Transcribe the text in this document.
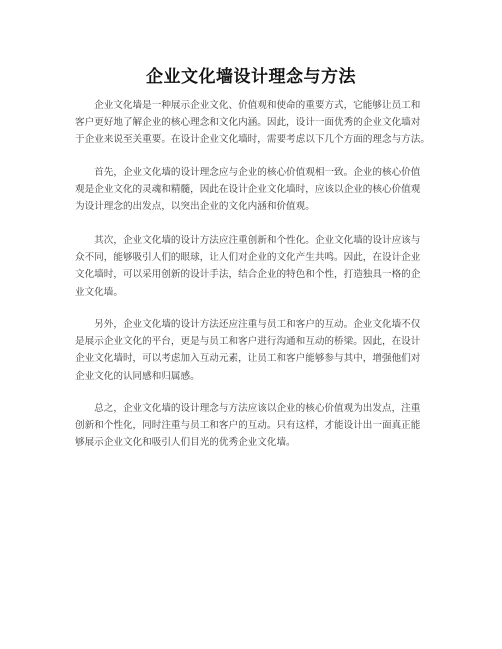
企业文化墙设计理念与方法
　　企业文化墙是一种展示企业文化、价值观和使命的重要方式，它能够让员工和
客户更好地了解企业的核心理念和文化内涵。因此，设计一面优秀的企业文化墙对
于企业来说至关重要。在设计企业文化墙时，需要考虑以下几个方面的理念与方法。
　　首先，企业文化墙的设计理念应与企业的核心价值观相一致。企业的核心价值
观是企业文化的灵魂和精髓，因此在设计企业文化墙时，应该以企业的核心价值观
为设计理念的出发点，以突出企业的文化内涵和价值观。
　　其次，企业文化墙的设计方法应注重创新和个性化。企业文化墙的设计应该与
众不同，能够吸引人们的眼球，让人们对企业的文化产生共鸣。因此，在设计企业
文化墙时，可以采用创新的设计手法，结合企业的特色和个性，打造独具一格的企
业文化墙。
　　另外，企业文化墙的设计方法还应注重与员工和客户的互动。企业文化墙不仅
是展示企业文化的平台，更是与员工和客户进行沟通和互动的桥梁。因此，在设计
企业文化墙时，可以考虑加入互动元素，让员工和客户能够参与其中，增强他们对
企业文化的认同感和归属感。
　　总之，企业文化墙的设计理念与方法应该以企业的核心价值观为出发点，注重
创新和个性化，同时注重与员工和客户的互动。只有这样，才能设计出一面真正能
够展示企业文化和吸引人们目光的优秀企业文化墙。
